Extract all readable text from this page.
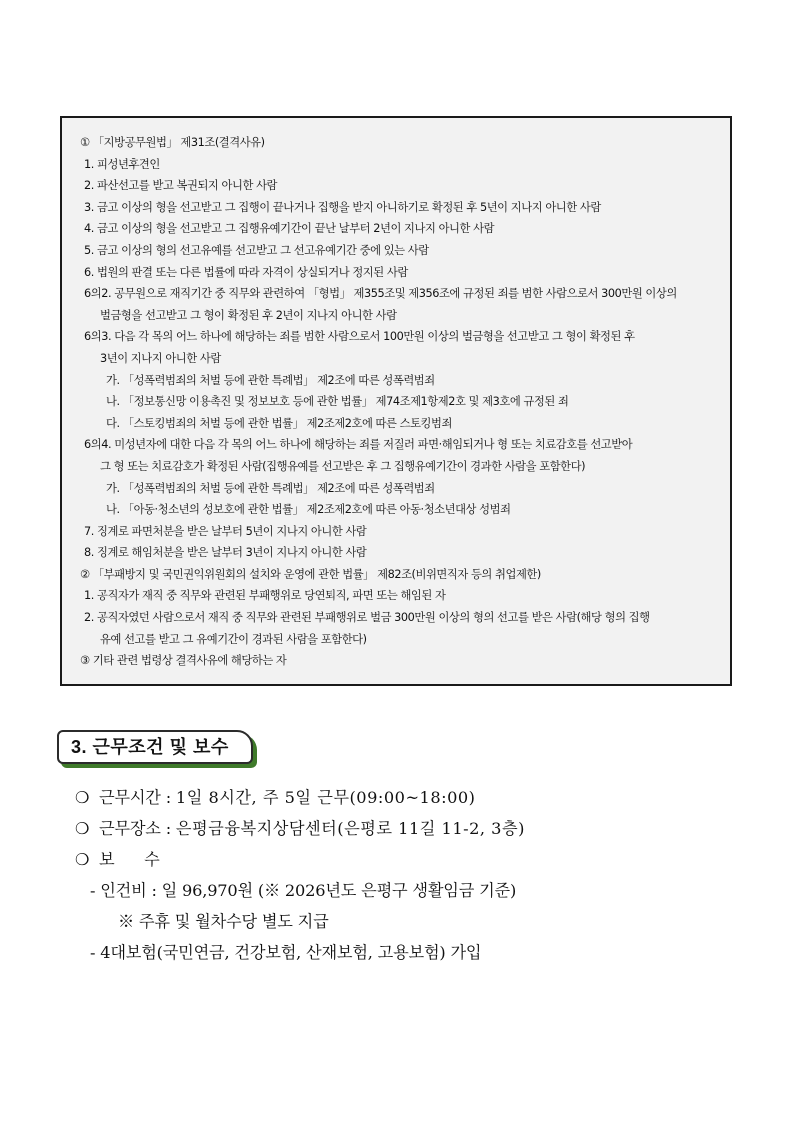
① 「지방공무원법」 제31조(결격사유)
1. 피성년후견인
2. 파산선고를 받고 복권되지 아니한 사람
3. 금고 이상의 형을 선고받고 그 집행이 끝나거나 집행을 받지 아니하기로 확정된 후 5년이 지나지 아니한 사람
4. 금고 이상의 형을 선고받고 그 집행유예기간이 끝난 날부터 2년이 지나지 아니한 사람
5. 금고 이상의 형의 선고유예를 선고받고 그 선고유예기간 중에 있는 사람
6. 법원의 판결 또는 다른 법률에 따라 자격이 상실되거나 정지된 사람
6의2. 공무원으로 재직기간 중 직무와 관련하여 「형법」 제355조및 제356조에 규정된 죄를 범한 사람으로서 300만원 이상의
벌금형을 선고받고 그 형이 확정된 후 2년이 지나지 아니한 사람
6의3. 다음 각 목의 어느 하나에 해당하는 죄를 범한 사람으로서 100만원 이상의 벌금형을 선고받고 그 형이 확정된 후
3년이 지나지 아니한 사람
가. 「성폭력범죄의 처벌 등에 관한 특례법」 제2조에 따른 성폭력범죄
나. 「정보통신망 이용촉진 및 정보보호 등에 관한 법률」 제74조제1항제2호 및 제3호에 규정된 죄
다. 「스토킹범죄의 처벌 등에 관한 법률」 제2조제2호에 따른 스토킹범죄
6의4. 미성년자에 대한 다음 각 목의 어느 하나에 해당하는 죄를 저질러 파면·해임되거나 형 또는 치료감호를 선고받아
그 형 또는 치료감호가 확정된 사람(집행유예를 선고받은 후 그 집행유예기간이 경과한 사람을 포함한다)
가. 「성폭력범죄의 처벌 등에 관한 특례법」 제2조에 따른 성폭력범죄
나. 「아동·청소년의 성보호에 관한 법률」 제2조제2호에 따른 아동·청소년대상 성범죄
7. 징계로 파면처분을 받은 날부터 5년이 지나지 아니한 사람
8. 징계로 해임처분을 받은 날부터 3년이 지나지 아니한 사람
② 「부패방지 및 국민권익위원회의 설치와 운영에 관한 법률」 제82조(비위면직자 등의 취업제한)
1. 공직자가 재직 중 직무와 관련된 부패행위로 당연퇴직, 파면 또는 해임된 자
2. 공직자였던 사람으로서 재직 중 직무와 관련된 부패행위로 벌금 300만원 이상의 형의 선고를 받은 사람(해당 형의 집행
유예 선고를 받고 그 유예기간이 경과된 사람을 포함한다)
③ 기타 관련 법령상 결격사유에 해당하는 자
3. 근무조건 및 보수
❍ 근무시간 : 1일 8시간, 주 5일 근무(09:00~18:00)
❍ 근무장소 : 은평금융복지상담센터(은평로 11길 11-2, 3층)
❍ 보      수
- 인건비 : 일 96,970원 (※ 2026년도 은평구 생활임금 기준)
※ 주휴 및 월차수당 별도 지급
- 4대보험(국민연금, 건강보험, 산재보험, 고용보험) 가입
